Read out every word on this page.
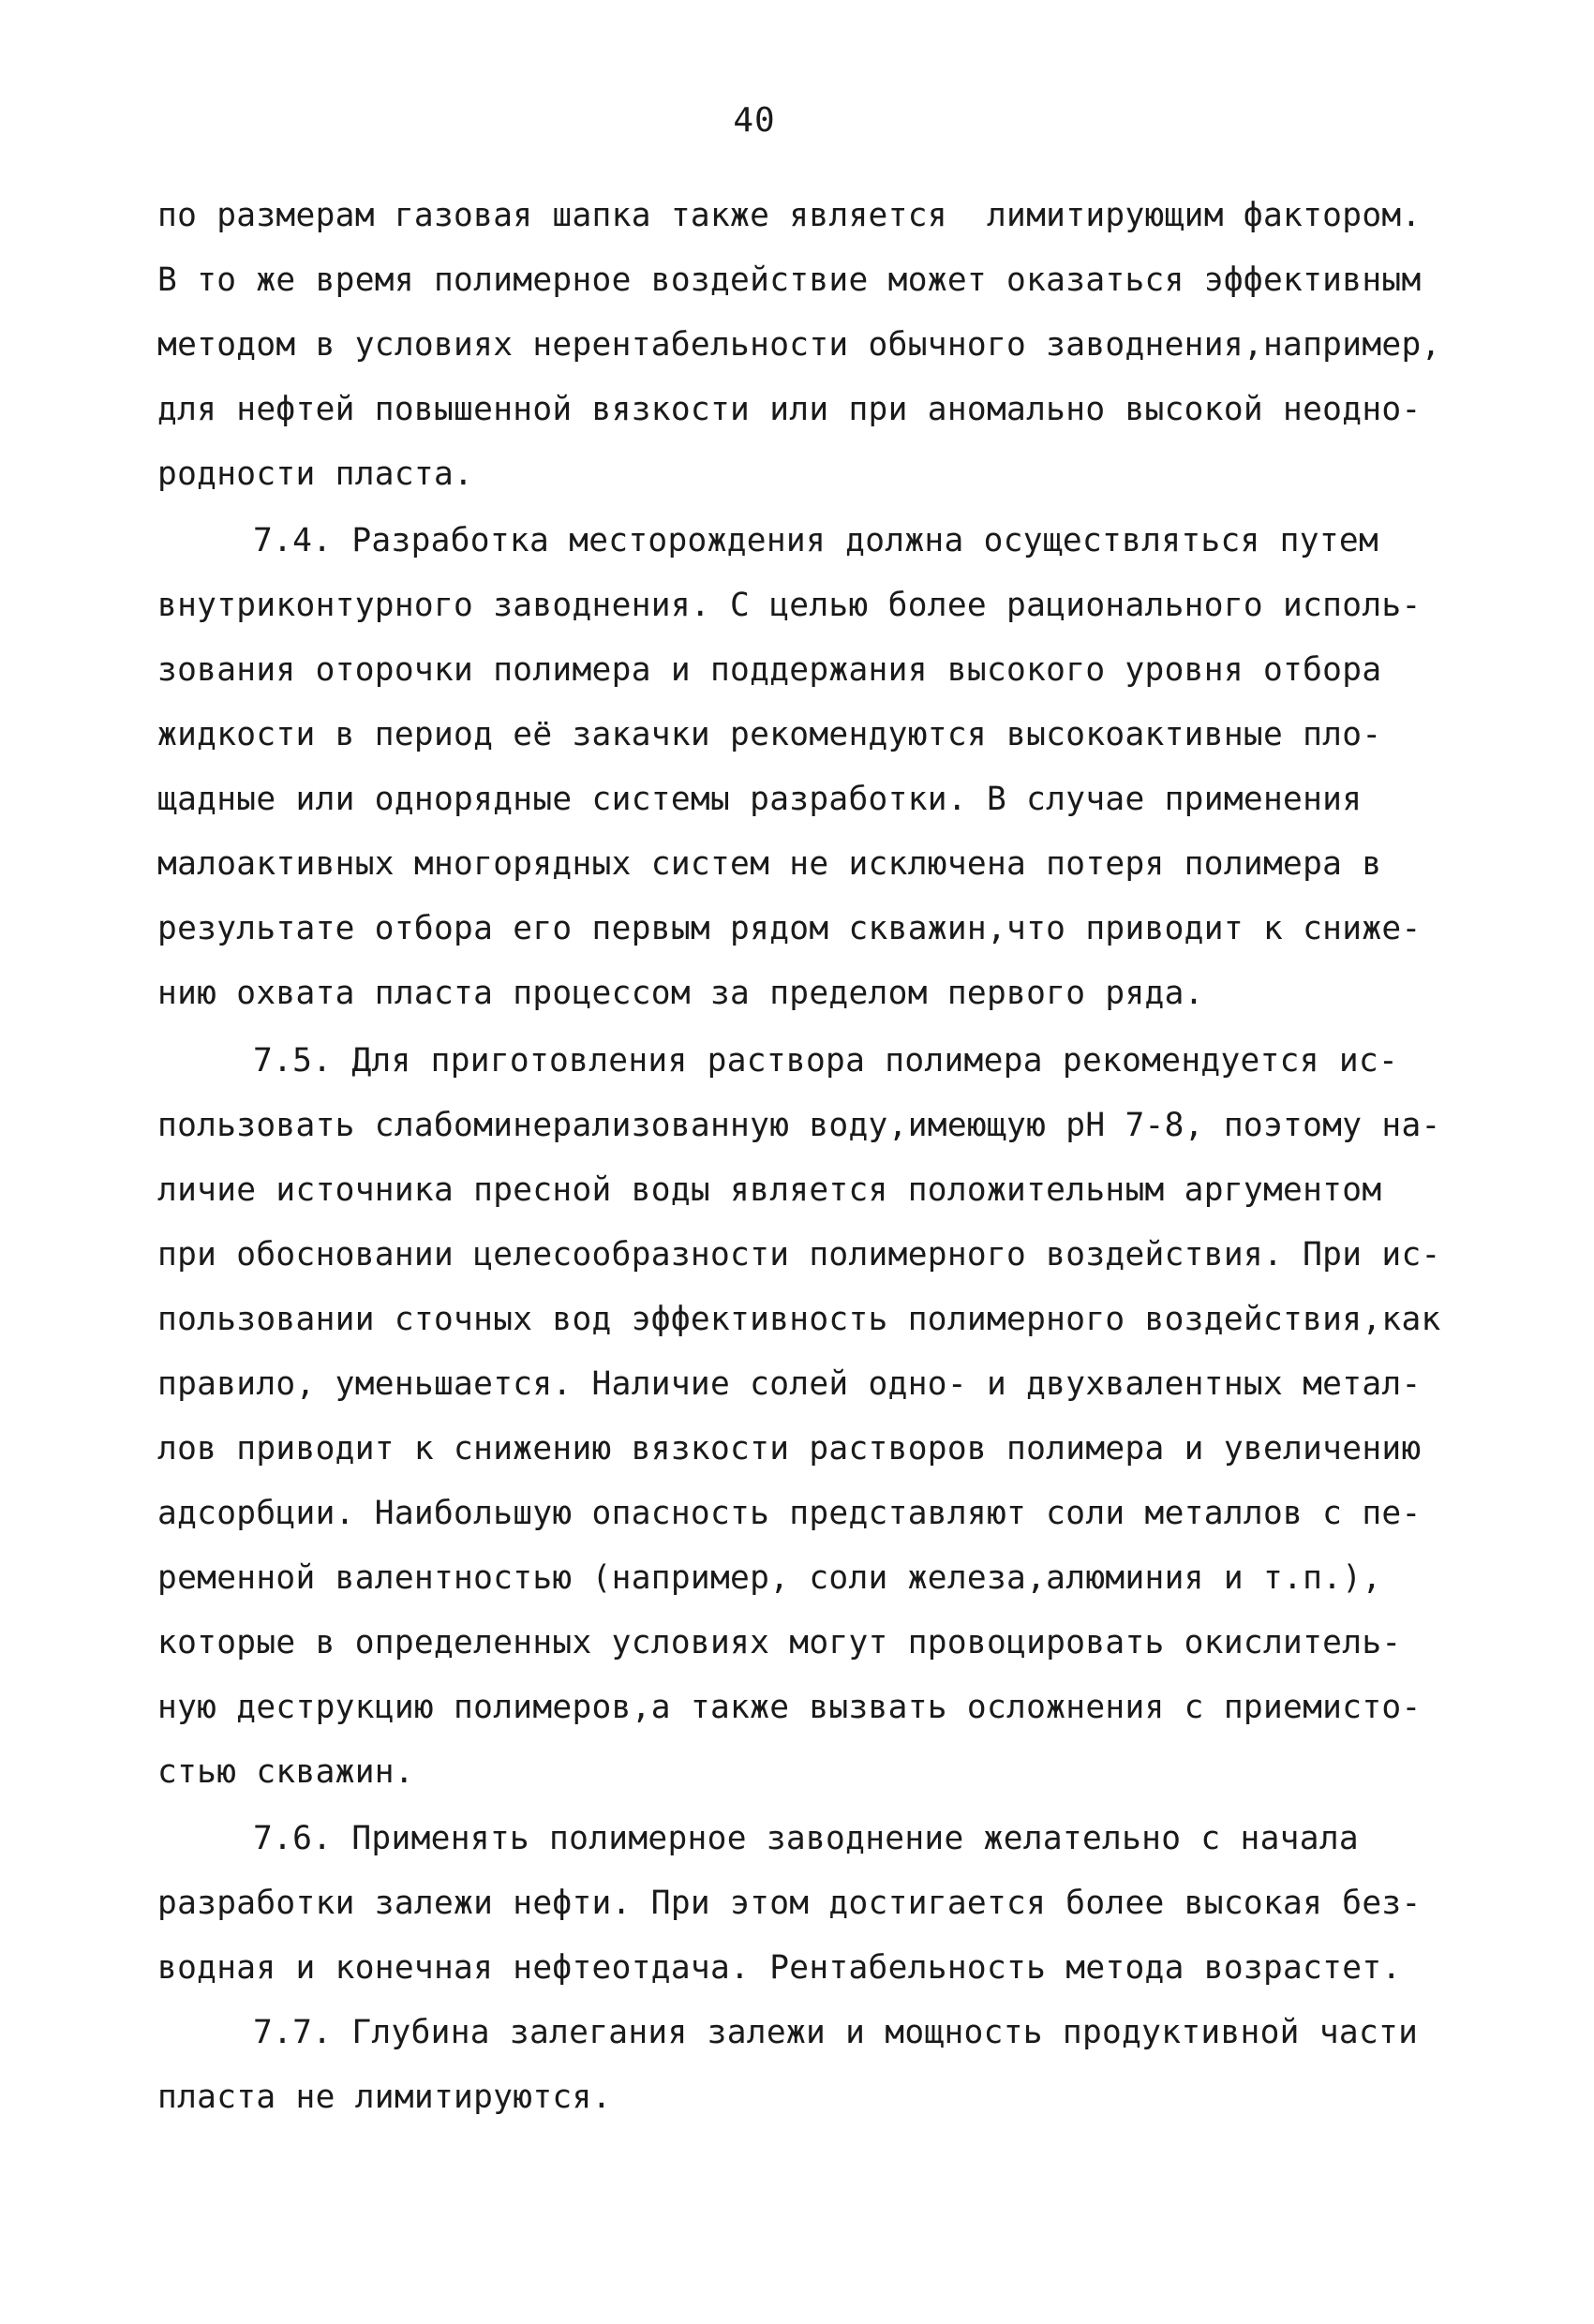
40
по размерам газовая шапка также является  лимитирующим фактором.
В то же время полимерное воздействие может оказаться эффективным
методом в условиях нерентабельности обычного заводнения,например,
для нефтей повышенной вязкости или при аномально высокой неодно-
родности пласта.
7.4. Разработка месторождения должна осуществляться путем
внутриконтурного заводнения. С целью более рационального исполь-
зования оторочки полимера и поддержания высокого уровня отбора
жидкости в период её закачки рекомендуются высокоактивные пло-
щадные или однорядные системы разработки. В случае применения
малоактивных многорядных систем не исключена потеря полимера в
результате отбора его первым рядом скважин,что приводит к сниже-
нию охвата пласта процессом за пределом первого ряда.
7.5. Для приготовления раствора полимера рекомендуется ис-
пользовать слабоминерализованную воду,имеющую рН 7-8, поэтому на-
личие источника пресной воды является положительным аргументом
при обосновании целесообразности полимерного воздействия. При ис-
пользовании сточных вод эффективность полимерного воздействия,как
правило, уменьшается. Наличие солей одно- и двухвалентных метал-
лов приводит к снижению вязкости растворов полимера и увеличению
адсорбции. Наибольшую опасность представляют соли металлов с пе-
ременной валентностью (например, соли железа,алюминия и т.п.),
которые в определенных условиях могут провоцировать окислитель-
ную деструкцию полимеров,а также вызвать осложнения с приемисто-
стью скважин.
7.6. Применять полимерное заводнение желательно с начала
разработки залежи нефти. При этом достигается более высокая без-
водная и конечная нефтеотдача. Рентабельность метода возрастет.
7.7. Глубина залегания залежи и мощность продуктивной части
пласта не лимитируются.
